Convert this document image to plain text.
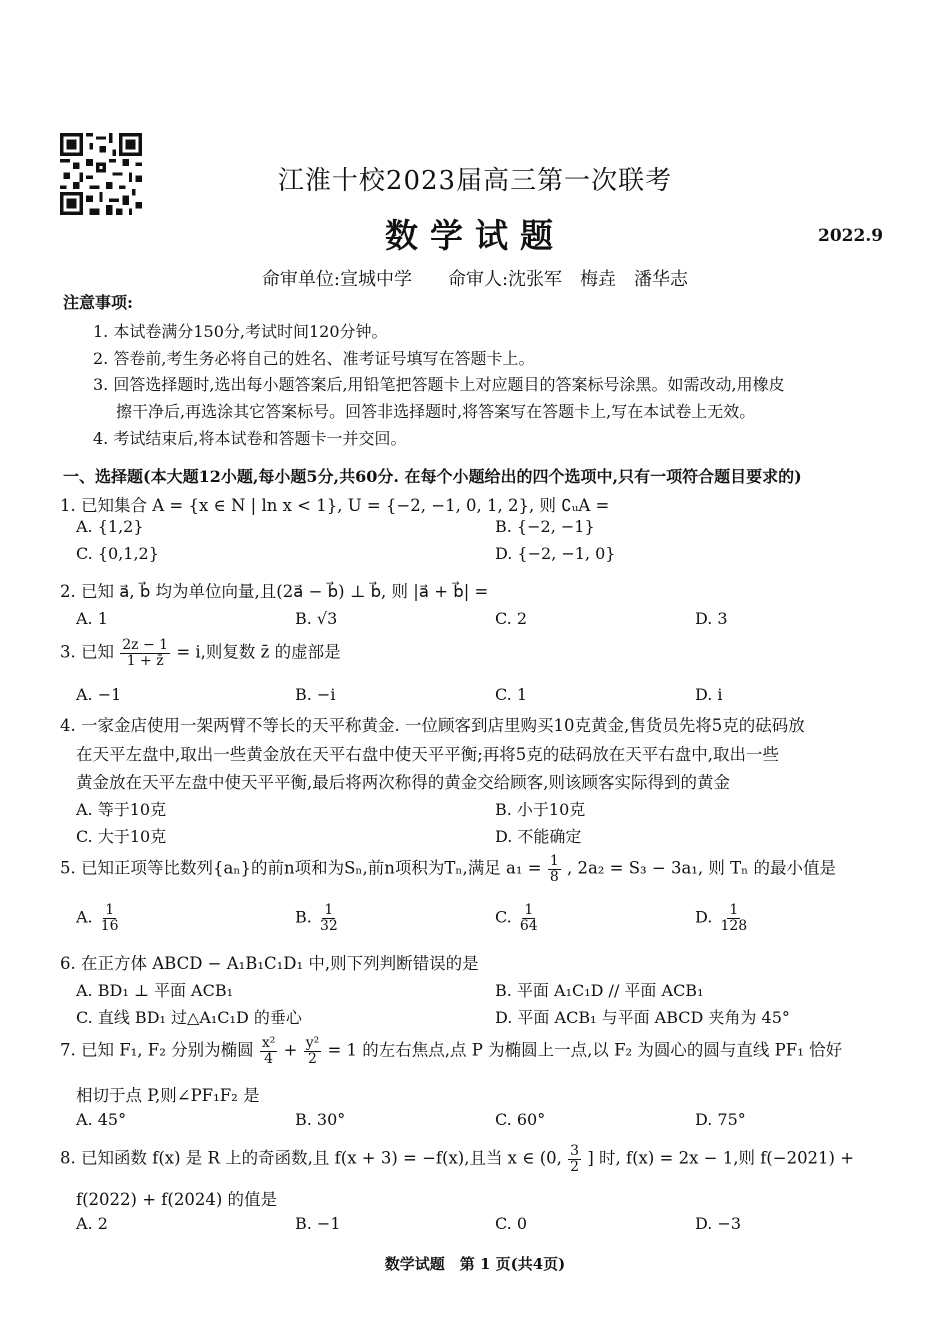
江淮十校2023届高三第一次联考
数学试题	2022.9
命审单位:宣城中学　　命审人:沈张军　梅垚　潘华志
注意事项:
1. 本试卷满分150分,考试时间120分钟。
2. 答卷前,考生务必将自己的姓名、准考证号填写在答题卡上。
3. 回答选择题时,选出每小题答案后,用铅笔把答题卡上对应题目的答案标号涂黑。如需改动,用橡皮
擦干净后,再选涂其它答案标号。回答非选择题时,将答案写在答题卡上,写在本试卷上无效。
4. 考试结束后,将本试卷和答题卡一并交回。
一、选择题(本大题12小题,每小题5分,共60分. 在每个小题给出的四个选项中,只有一项符合题目要求的)
1. 已知集合 A = {x ∈ N | ln x < 1}, U = {−2, −1, 0, 1, 2}, 则 ∁ᵤA =
A. {1,2}	B. {−2, −1}
C. {0,1,2}	D. {−2, −1, 0}
2. 已知 a⃗, b⃗ 均为单位向量,且(2a⃗ − b⃗) ⊥ b⃗, 则 |a⃗ + b⃗| =
A. 1	B. √3	C. 2	D. 3
3. 已知 $\frac{2z - 1}{1 + z̄} = i$,则复数 z̄ 的虚部是
A. −1	B. −i	C. 1	D. i
4. 一家金店使用一架两臂不等长的天平称黄金. 一位顾客到店里购买10克黄金,售货员先将5克的砝码放
在天平左盘中,取出一些黄金放在天平右盘中使天平平衡;再将5克的砝码放在天平右盘中,取出一些
黄金放在天平左盘中使天平平衡,最后将两次称得的黄金交给顾客,则该顾客实际得到的黄金
A. 等于10克	B. 小于10克
C. 大于10克	D. 不能确定
5. 已知正项等比数列{aₙ}的前n项和为Sₙ,前n项积为Tₙ,满足 $a_1 = \frac{1}{8}$ , 2a₂ = S₃ − 3a₁, 则 Tₙ 的最小值是
A. $\frac{1}{16}$	B. $\frac{1}{32}$	C. $\frac{1}{64}$	D. $\frac{1}{128}$
6. 在正方体 ABCD − A₁B₁C₁D₁ 中,则下列判断错误的是
A. BD₁ ⊥ 平面 ACB₁	B. 平面 A₁C₁D // 平面 ACB₁
C. 直线 BD₁ 过△A₁C₁D 的垂心	D. 平面 ACB₁ 与平面 ABCD 夹角为 45°
7. 已知 F₁, F₂ 分别为椭圆 $\frac{\text{x²}}{4} + \frac{\text{y²}}{2} = 1$ 的左右焦点,点 P 为椭圆上一点,以 F₂ 为圆心的圆与直线 PF₁ 恰好
相切于点 P,则∠PF₁F₂ 是
A. 45°	B. 30°	C. 60°	D. 75°
8. 已知函数 f(x) 是 R 上的奇函数,且 f(x + 3) = −f(x),且当 x ∈ (0, $\frac{3}{2}$ ] 时, f(x) = 2x − 1,则 f(−2021) +
f(2022) + f(2024) 的值是
A. 2	B. −1	C. 0	D. −3
数学试题　第 1 页(共4页)
